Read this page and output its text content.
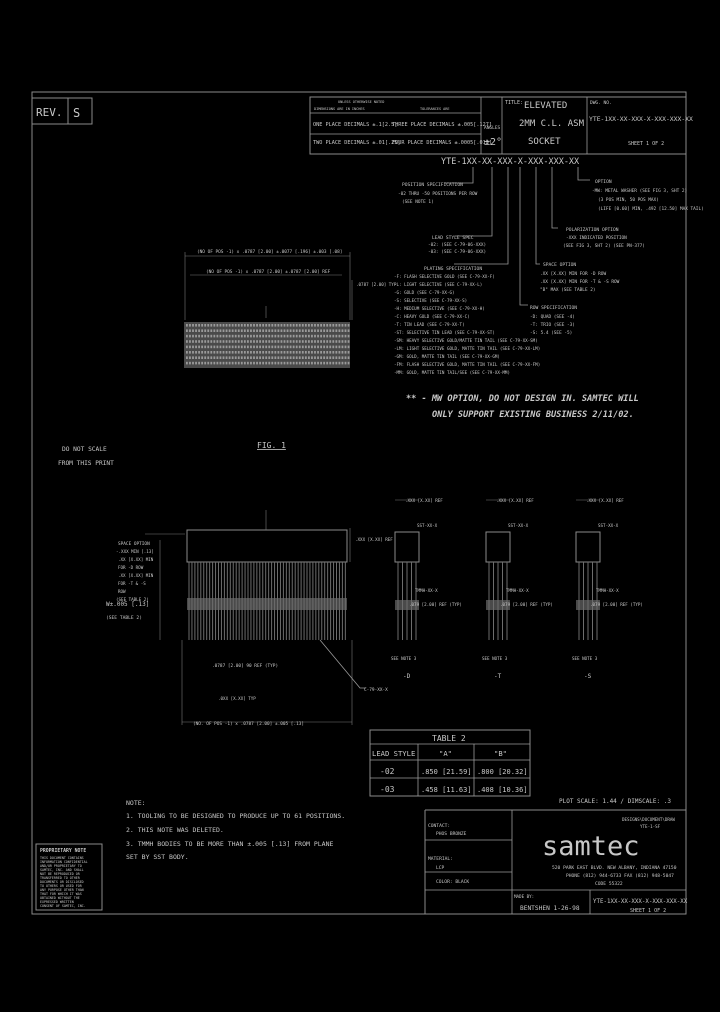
REV. S
UNLESS OTHERWISE NOTED
DIMENSIONS ARE IN INCHES	TOLERANCES ARE
ONE PLACE DECIMALS ±.1[2.5]
THREE PLACE DECIMALS ±.005[.127]
TWO PLACE DECIMALS ±.01[.25]
FOUR PLACE DECIMALS ±.0005[.013]
ANGLES
±2°
TITLE: ELEVATED
2MM C.L. ASM
SOCKET
DWG. NO.
YTE-1XX-XX-XXX-X-XXX-XXX-XX
SHEET 1 OF 2
YTE-1XX-XX-XXX-X-XXX-XXX-XX
POSITION SPECIFICATION
-02 THRU -50 POSITIONS PER ROW
(SEE NOTE 1)
LEAD STYLE SPEC
-02: (SEE C-79-06-XXX)
-03: (SEE C-79-06-XXX)
PLATING SPECIFICATION
-F: FLASH SELECTIVE GOLD (SEE C-79-XX-F)
-L: LIGHT SELECTIVE (SEE C-79-XX-L)
-G: GOLD (SEE C-79-XX-G)
-S: SELECTIVE (SEE C-79-XX-S)
-H: MEDIUM SELECTIVE (SEE C-79-XX-H)
-C: HEAVY GOLD (SEE C-79-XX-C)
-T: TIN LEAD (SEE C-79-XX-T)
-ST: SELECTIVE TIN LEAD (SEE C-79-XX-ST)
-SM: HEAVY SELECTIVE GOLD/MATTE TIN TAIL (SEE C-79-XX-SM)
-LM: LIGHT SELECTIVE GOLD, MATTE TIN TAIL (SEE C-79-XX-LM)
-GM: GOLD, MATTE TIN TAIL (SEE C-79-XX-GM)
-FM: FLASH SELECTIVE GOLD, MATTE TIN TAIL (SEE C-79-XX-FM)
-MM: GOLD, MATTE TIN TAIL/SEE (SEE C-79-XX-MM)
ROW SPECIFICATION
-D: QUAD (SEE -4)
-T: TRIO (SEE -3)
-S: 5.4 (SEE -5)
SPACE OPTION
.XX [X.XX] MIN FOR -D ROW
.XX [X.XX] MIN FOR -T & -S ROW
"B" MAX (SEE TABLE 2)
POLARIZATION OPTION
-XXX INDICATED POSITION
(SEE FIG 3, SHT 2) (SEE PN-377)
OPTION
-MW: METAL WASHER (SEE FIG 3, SHT 2)
(3 POS MIN, 50 POS MAX)
(LIFE [0.60] MIN, .492 [12.50] MAX TAIL)
** - MW OPTION, DO NOT DESIGN IN. SAMTEC WILL
ONLY SUPPORT EXISTING BUSINESS 2/11/02.
(NO OF POS -1) x .0787 [2.00] ±.0077 [.196] ±.003 [.08]
(NO OF POS -1) x .0787 [2.00] ±.0787 [2.00] REF
.0787 [2.00] TYP
DO NOT SCALE
FROM THIS PRINT
FIG. 1
.XXX [X.XX] REF
(NO. OF POS -1) x .0787 [2.00] ±.005 [.13]
.0787 [2.00] 90 REF (TYP)
.0XX [X.XX] TYP
C-79-XX-X
SPACE OPTION
-.XXX MIN [.13]
.XX [X.XX] MIN
FOR -D ROW
.XX [X.XX] MIN
FOR -T & -S
ROW
(SEE TABLE 2)
W±.005 [.13]
(SEE TABLE 2)
.XXX [X.XX] REF
SST-XX-X
TMMH-XX-X
.079 [2.00] REF (TYP)
SEE NOTE 3
-D
.XXX [X.XX] REF
SST-XX-X
TMMH-XX-X
.079 [2.00] REF (TYP)
SEE NOTE 3
-T
.XXX [X.XX] REF
SST-XX-X
TMMH-XX-X
.079 [2.00] REF (TYP)
SEE NOTE 3
-S
TABLE 2
LEAD STYLE	"A"	"B"
-02	.850 [21.59] .800 [20.32]
-03	.458 [11.63] .408 [10.36]
PLOT SCALE: 1.44 / DIMSCALE: .3
NOTE:
1. TOOLING TO BE DESIGNED TO PRODUCE UP TO 61 POSITIONS.
2. THIS NOTE WAS DELETED.
3. TMMH BODIES TO BE MORE THAN ±.005 [.13] FROM PLANE
SET BY SST BODY.
PROPRIETARY NOTE
THIS DOCUMENT CONTAINS
INFORMATION CONFIDENTIAL
AND/OR PROPRIETARY TO
SAMTEC, INC. AND SHALL
NOT BE REPRODUCED OR
TRANSFERRED TO OTHER
DOCUMENTS OR DISCLOSED
TO OTHERS OR USED FOR
ANY PURPOSE OTHER THAN
THAT FOR WHICH IT WAS
OBTAINED WITHOUT THE
EXPRESSED WRITTEN
CONSENT OF SAMTEC, INC.
CONTACT:
PHOS BRONZE
MATERIAL:
LCP
COLOR: BLACK
DESIGNS\DOCUMENT\DRAW
YTE-1-SF
samtec
520 PARK EAST BLVD. NEW ALBANY, INDIANA 47150
PHONE (812) 944-6733 FAX (812) 948-5047
CODE 55322
MADE BY:
BENTSHEN 1-26-98
YTE-1XX-XX-XXX-X-XXX-XXX-XX
SHEET 1 OF 2
